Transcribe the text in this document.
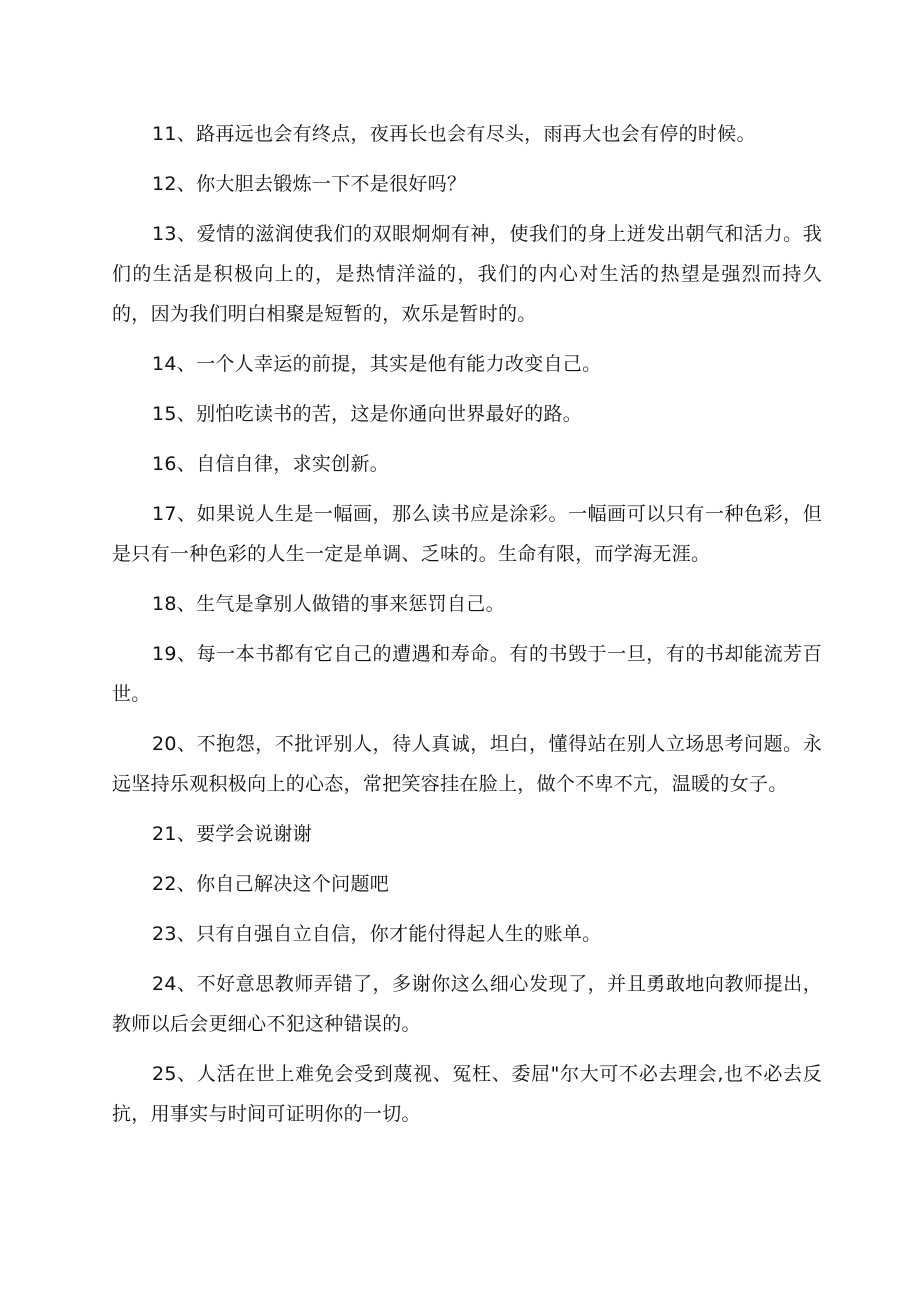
11、路再远也会有终点，夜再长也会有尽头，雨再大也会有停的时候。

12、你大胆去锻炼一下不是很好吗？

13、爱情的滋润使我们的双眼炯炯有神，使我们的身上迸发出朝气和活力。我们的生活是积极向上的，是热情洋溢的，我们的内心对生活的热望是强烈而持久的，因为我们明白相聚是短暂的，欢乐是暂时的。

14、一个人幸运的前提，其实是他有能力改变自己。

15、别怕吃读书的苦，这是你通向世界最好的路。

16、自信自律，求实创新。

17、如果说人生是一幅画，那么读书应是涂彩。一幅画可以只有一种色彩，但是只有一种色彩的人生一定是单调、乏味的。生命有限，而学海无涯。

18、生气是拿别人做错的事来惩罚自己。

19、每一本书都有它自己的遭遇和寿命。有的书毁于一旦，有的书却能流芳百世。

20、不抱怨，不批评别人，待人真诚，坦白，懂得站在别人立场思考问题。永远坚持乐观积极向上的心态，常把笑容挂在脸上，做个不卑不亢，温暖的女子。

21、要学会说谢谢

22、你自己解决这个问题吧

23、只有自强自立自信，你才能付得起人生的账单。

24、不好意思教师弄错了，多谢你这么细心发现了，并且勇敢地向教师提出，教师以后会更细心不犯这种错误的。

25、人活在世上难免会受到蔑视、冤枉、委屈"尔大可不必去理会,也不必去反抗，用事实与时间可证明你的一切。
